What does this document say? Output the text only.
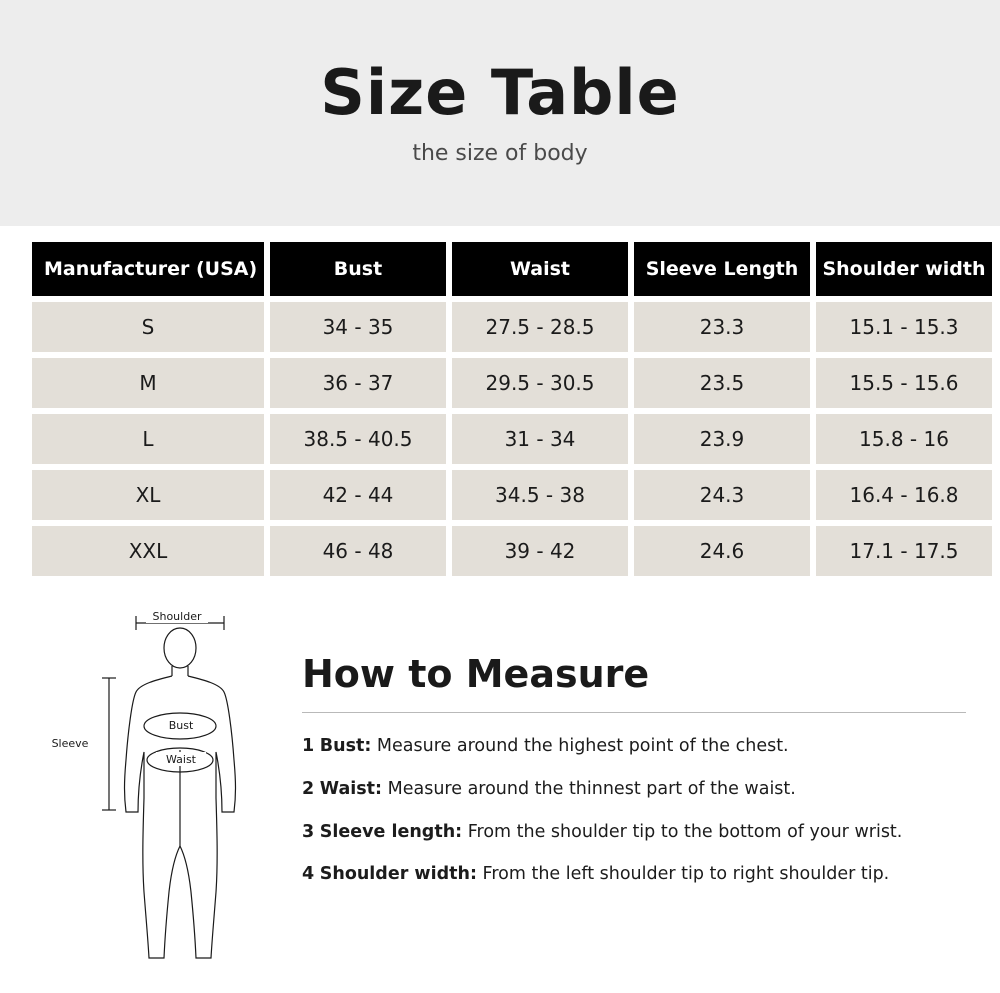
Size Table

the size of body

Manufacturer (USA)	Bust	Waist	Sleeve Length	Shoulder width
S	34 - 35	27.5 - 28.5	23.3	15.1 - 15.3
M	36 - 37	29.5 - 30.5	23.5	15.5 - 15.6
L	38.5 - 40.5	31 - 34	23.9	15.8 - 16
XL	42 - 44	34.5 - 38	24.3	16.4 - 16.8
XXL	46 - 48	39 - 42	24.6	17.1 - 17.5
Shoulder
Sleeve
Bust
Waist
How to Measure

1 Bust: Measure around the highest point of the chest.

2 Waist: Measure around the thinnest part of the waist.

3 Sleeve length: From the shoulder tip to the bottom of your wrist.

4 Shoulder width: From the left shoulder tip to right shoulder tip.
